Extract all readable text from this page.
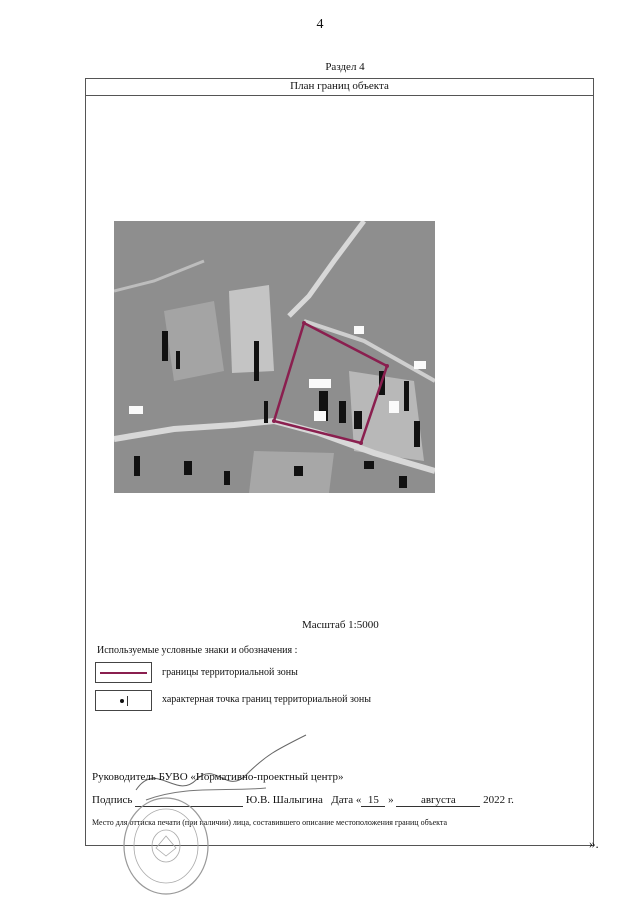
4
Раздел 4
План границ объекта
Масштаб 1:5000
Используемые условные знаки и обозначения :
границы территориальной зоны
характерная точка границ территориальной зоны
Руководитель БУВО «Нормативно-проектный центр»
Подпись	Ю.В. Шалыгина Дата « 15 » августа 2022 г.
Место для оттиска печати (при наличии) лица, составившего описание местоположения границ объекта
».
